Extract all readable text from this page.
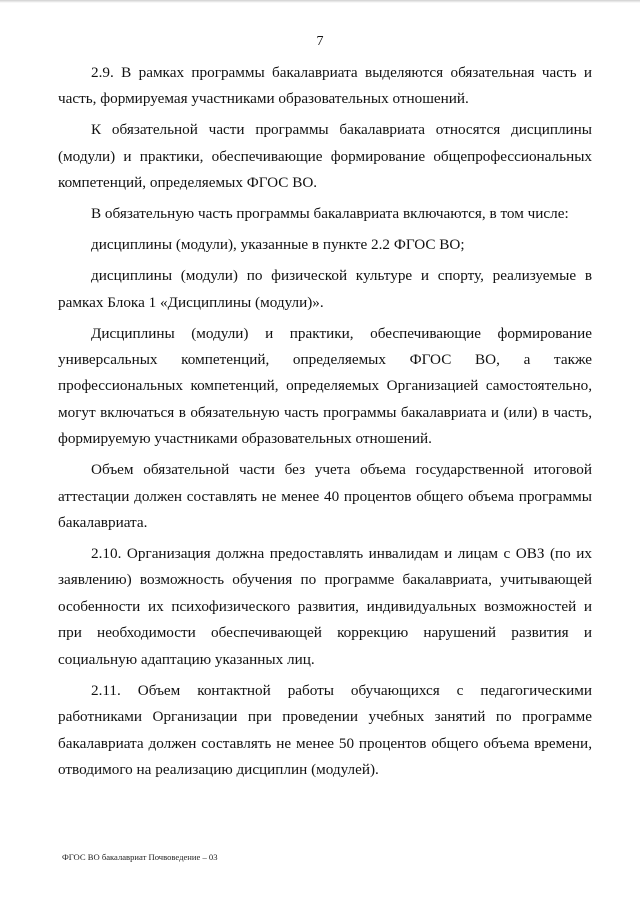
7

2.9. В рамках программы бакалавриата выделяются обязательная часть и часть, формируемая участниками образовательных отношений.

К обязательной части программы бакалавриата относятся дисциплины (модули) и практики, обеспечивающие формирование общепрофессиональных компетенций, определяемых ФГОС ВО.

В обязательную часть программы бакалавриата включаются, в том числе:

дисциплины (модули), указанные в пункте 2.2 ФГОС ВО;

дисциплины (модули) по физической культуре и спорту, реализуемые в рамках Блока 1 «Дисциплины (модули)».

Дисциплины (модули) и практики, обеспечивающие формирование универсальных компетенций, определяемых ФГОС ВО, а также профессиональных компетенций, определяемых Организацией самостоятельно, могут включаться в обязательную часть программы бакалавриата и (или) в часть, формируемую участниками образовательных отношений.

Объем обязательной части без учета объема государственной итоговой аттестации должен составлять не менее 40 процентов общего объема программы бакалавриата.

2.10. Организация должна предоставлять инвалидам и лицам с ОВЗ (по их заявлению) возможность обучения по программе бакалавриата, учитывающей особенности их психофизического развития, индивидуальных возможностей и при необходимости обеспечивающей коррекцию нарушений развития и социальную адаптацию указанных лиц.

2.11. Объем контактной работы обучающихся с педагогическими работниками Организации при проведении учебных занятий по программе бакалавриата должен составлять не менее 50 процентов общего объема времени, отводимого на реализацию дисциплин (модулей).

ФГОС ВО бакалавриат Почвоведение – 03
